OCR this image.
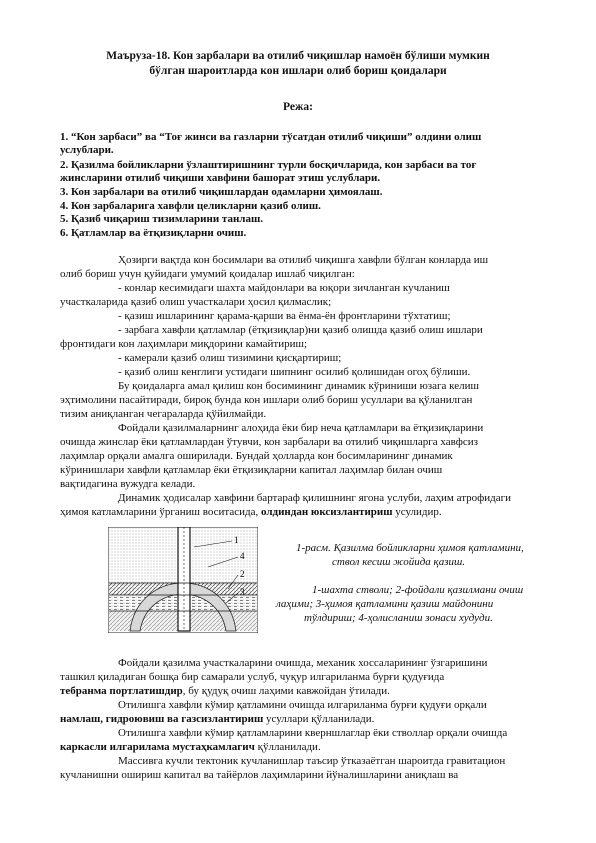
Маъруза-18. Кон зарбалари ва отилиб чиқишлар намоён бўлиши мумкин
бўлган шароитларда кон ишлари олиб бориш қоидалари
Режа:
1. “Кон зарбаси” ва “Тоғ жинси ва газларни тўсатдан отилиб чиқиши” олдини олиш
услублари.
2. Қазилма бойликларни ўзлаштиришнинг турли босқичларида, кон зарбаси ва тоғ
жинсларини отилиб чиқиши хавфини башорат этиш услублари.
3. Кон зарбалари ва отилиб чиқишлардан одамларни ҳимоялаш.
4. Кон зарбаларига хавфли целикларни қазиб олиш.
5. Қазиб чиқариш тизимларини танлаш.
6. Қатламлар ва ётқизиқларни очиш.
Ҳозирги вақтда кон босимлари ва отилиб чиқишга хавфли бўлган конларда иш
олиб бориш учун қуйидаги умумий қоидалар ишлаб чиқилган:
- конлар кесимидаги шахта майдонлари ва юқори зичланган кучланиш
участкаларида қазиб олиш участкалари ҳосил қилмаслик;
- қазиш ишларининг қарама-қарши ва ёнма-ён фронтларини тўхтатиш;
- зарбага хавфли қатламлар (ётқизиқлар)ни қазиб олишда қазиб олиш ишлари
фронтидаги кон лаҳимлари миқдорини камайтириш;
- камерали қазиб олиш тизимини қисқартириш;
- қазиб олиш кенглиги устидаги шипнинг осилиб қолишидан огоҳ бўлиши.
Бу қоидаларга амал қилиш кон босимининг динамик кўриниши юзага келиш
эҳтимолини пасайтиради, бироқ бунда кон ишлари олиб бориш усуллари ва қўланилган
тизим аниқланган чегараларда қўйилмайди.
Фойдали қазилмаларнинг алоҳида ёки бир неча қатламлари ва ётқизиқларини
очишда жинслар ёки қатламлардан ўтувчи, кон зарбалари ва отилиб чиқишларга хавфсиз
лаҳимлар орқали амалга оширилади. Бундай ҳолларда кон босимларининг динамик
кўринишлари хавфли қатламлар ёки ётқизиқларни капитал лаҳимлар билан очиш
вақтидагина вужудга келади.
Динамик ҳодисалар хавфини бартараф қилишнинг ягона услуби, лаҳим атрофидаги
ҳимоя катламларини ўрганиш воситасида, олдиндан юксизлантириш усулидир.
1
2
3
4
1-расм. Қазилма бойликларни ҳимоя қатламини,
ствол кесиш жойида қазиш.
1-шахта стволи; 2-фойдали қазилмани очиш
лаҳими; 3-ҳимоя қатламини қазиш майдонини
тўлдириш; 4-ҳолисланиш зонаси худуди.
Фойдали қазилма участкаларини очишда, механик хоссаларининг ўзгаришини
ташкил қиладиган бошқа бир самарали услуб, чуқур илгариланма бурғи қудуғида
тебранма портлатишдир, бу қудуқ очиш лаҳими кавжойдан ўтилади.
Отилишга хавфли кўмир қатламини очишда илгариланма бурғи қудуғи орқали
намлаш, гидроювиш ва газсизлантириш усуллари қўлланилади.
Отилишга хавфли кўмир қатламларини кверншлаглар ёки стволлар орқали очишда
каркасли илгарилама мустаҳкамлагич қўлланилади.
Массивга кучли тектоник кучланишлар таъсир ўтказаётган шароитда гравитацион
кучланишни ошириш капитал ва тайёрлов лаҳимларини йўналишларини аниқлаш ва
